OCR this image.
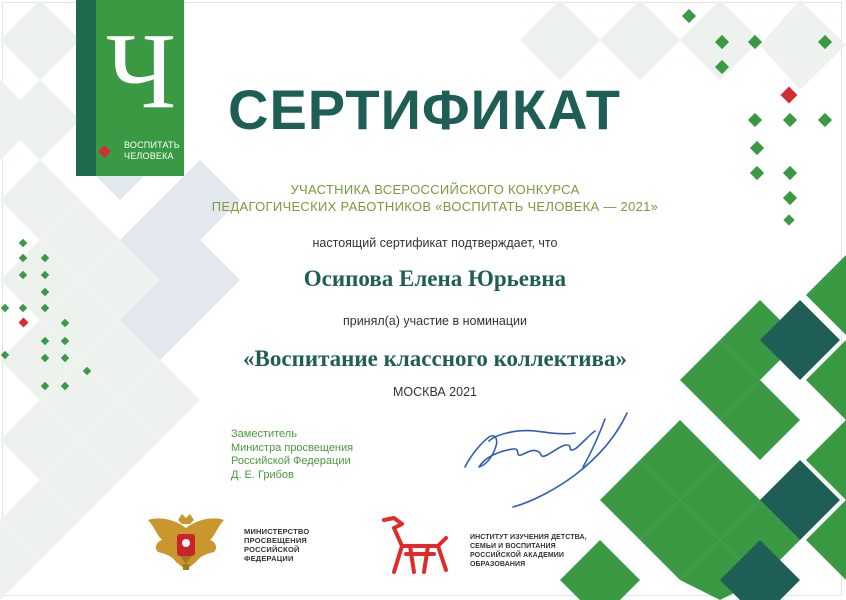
Ч
ВОСПИТАТЬ
ЧЕЛОВЕКА
СЕРТИФИКАТ
УЧАСТНИКА ВСЕРОССИЙСКОГО КОНКУРСА
ПЕДАГОГИЧЕСКИХ РАБОТНИКОВ «ВОСПИТАТЬ ЧЕЛОВЕКА — 2021»
настоящий сертификат подтверждает, что
Осипова Елена Юрьевна
принял(а) участие в номинации
«Воспитание классного коллектива»
МОСКВА 2021
Заместитель
Министра просвещения
Российской Федерации
Д. Е. Грибов
МИНИСТЕРСТВО
ПРОСВЕЩЕНИЯ
РОССИЙСКОЙ
ФЕДЕРАЦИИ
ИНСТИТУТ ИЗУЧЕНИЯ ДЕТСТВА,
СЕМЬИ И ВОСПИТАНИЯ
РОССИЙСКОЙ АКАДЕМИИ
ОБРАЗОВАНИЯ
